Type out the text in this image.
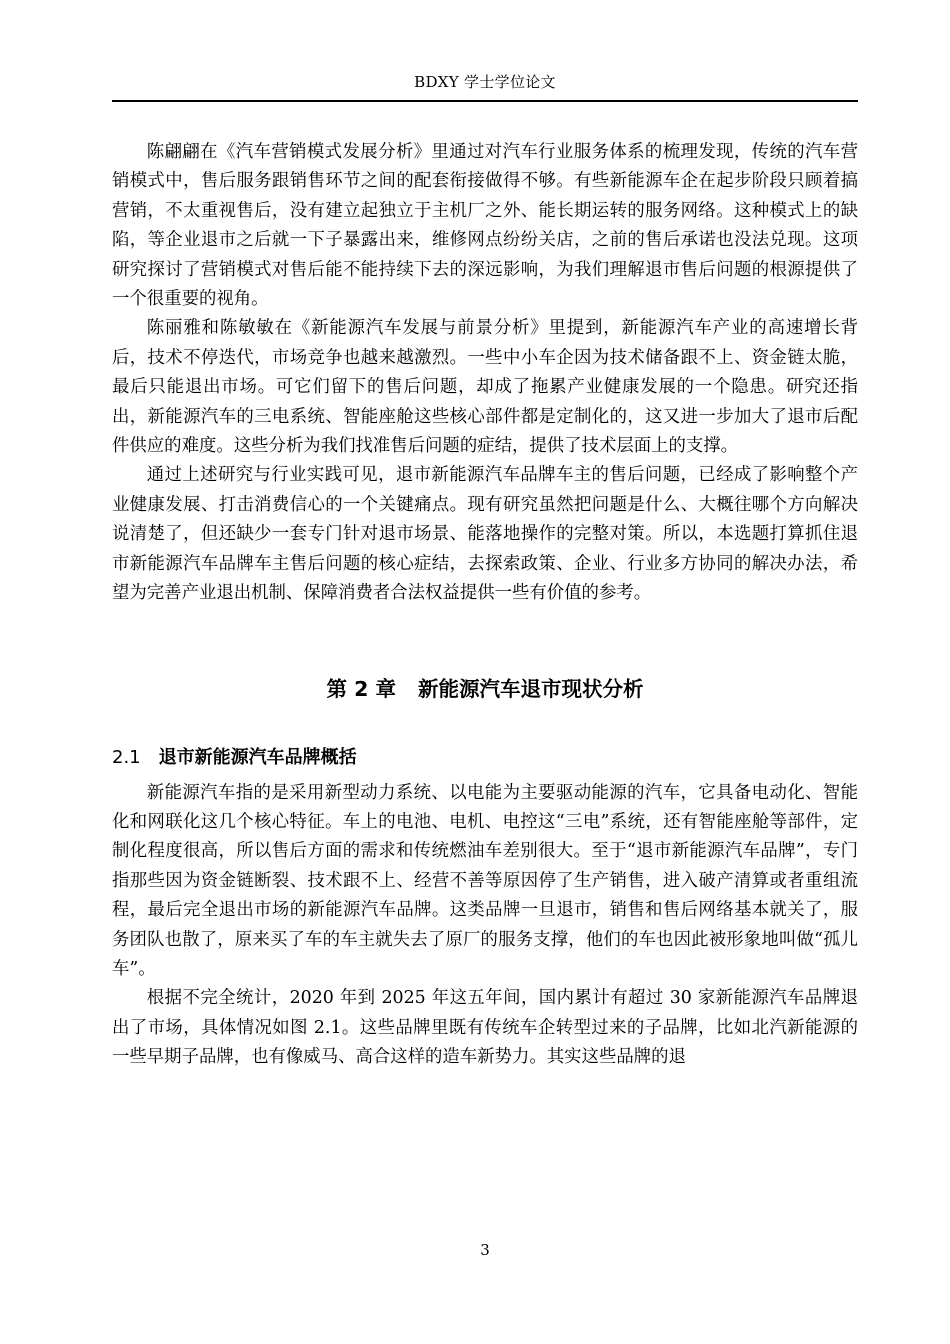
BDXY 学士学位论文

陈翩翩在《汽车营销模式发展分析》里通过对汽车行业服务体系的梳理发现，传统的汽车营销模式中，售后服务跟销售环节之间的配套衔接做得不够。有些新能源车企在起步阶段只顾着搞营销，不太重视售后，没有建立起独立于主机厂之外、能长期运转的服务网络。这种模式上的缺陷，等企业退市之后就一下子暴露出来，维修网点纷纷关店，之前的售后承诺也没法兑现。这项研究探讨了营销模式对售后能不能持续下去的深远影响，为我们理解退市售后问题的根源提供了一个很重要的视角。

陈丽雅和陈敏敏在《新能源汽车发展与前景分析》里提到，新能源汽车产业的高速增长背后，技术不停迭代，市场竞争也越来越激烈。一些中小车企因为技术储备跟不上、资金链太脆，最后只能退出市场。可它们留下的售后问题，却成了拖累产业健康发展的一个隐患。研究还指出，新能源汽车的三电系统、智能座舱这些核心部件都是定制化的，这又进一步加大了退市后配件供应的难度。这些分析为我们找准售后问题的症结，提供了技术层面上的支撑。

通过上述研究与行业实践可见，退市新能源汽车品牌车主的售后问题，已经成了影响整个产业健康发展、打击消费信心的一个关键痛点。现有研究虽然把问题是什么、大概往哪个方向解决说清楚了，但还缺少一套专门针对退市场景、能落地操作的完整对策。所以，本选题打算抓住退市新能源汽车品牌车主售后问题的核心症结，去探索政策、企业、行业多方协同的解决办法，希望为完善产业退出机制、保障消费者合法权益提供一些有价值的参考。

第 2 章 新能源汽车退市现状分析
2.1 退市新能源汽车品牌概括

新能源汽车指的是采用新型动力系统、以电能为主要驱动能源的汽车，它具备电动化、智能化和网联化这几个核心特征。车上的电池、电机、电控这“三电”系统，还有智能座舱等部件，定制化程度很高，所以售后方面的需求和传统燃油车差别很大。至于“退市新能源汽车品牌”，专门指那些因为资金链断裂、技术跟不上、经营不善等原因停了生产销售，进入破产清算或者重组流程，最后完全退出市场的新能源汽车品牌。这类品牌一旦退市，销售和售后网络基本就关了，服务团队也散了，原来买了车的车主就失去了原厂的服务支撑，他们的车也因此被形象地叫做“孤儿车”。

根据不完全统计，2020 年到 2025 年这五年间，国内累计有超过 30 家新能源汽车品牌退出了市场，具体情况如图 2.1。这些品牌里既有传统车企转型过来的子品牌，比如北汽新能源的一些早期子品牌，也有像威马、高合这样的造车新势力。其实这些品牌的退

3
